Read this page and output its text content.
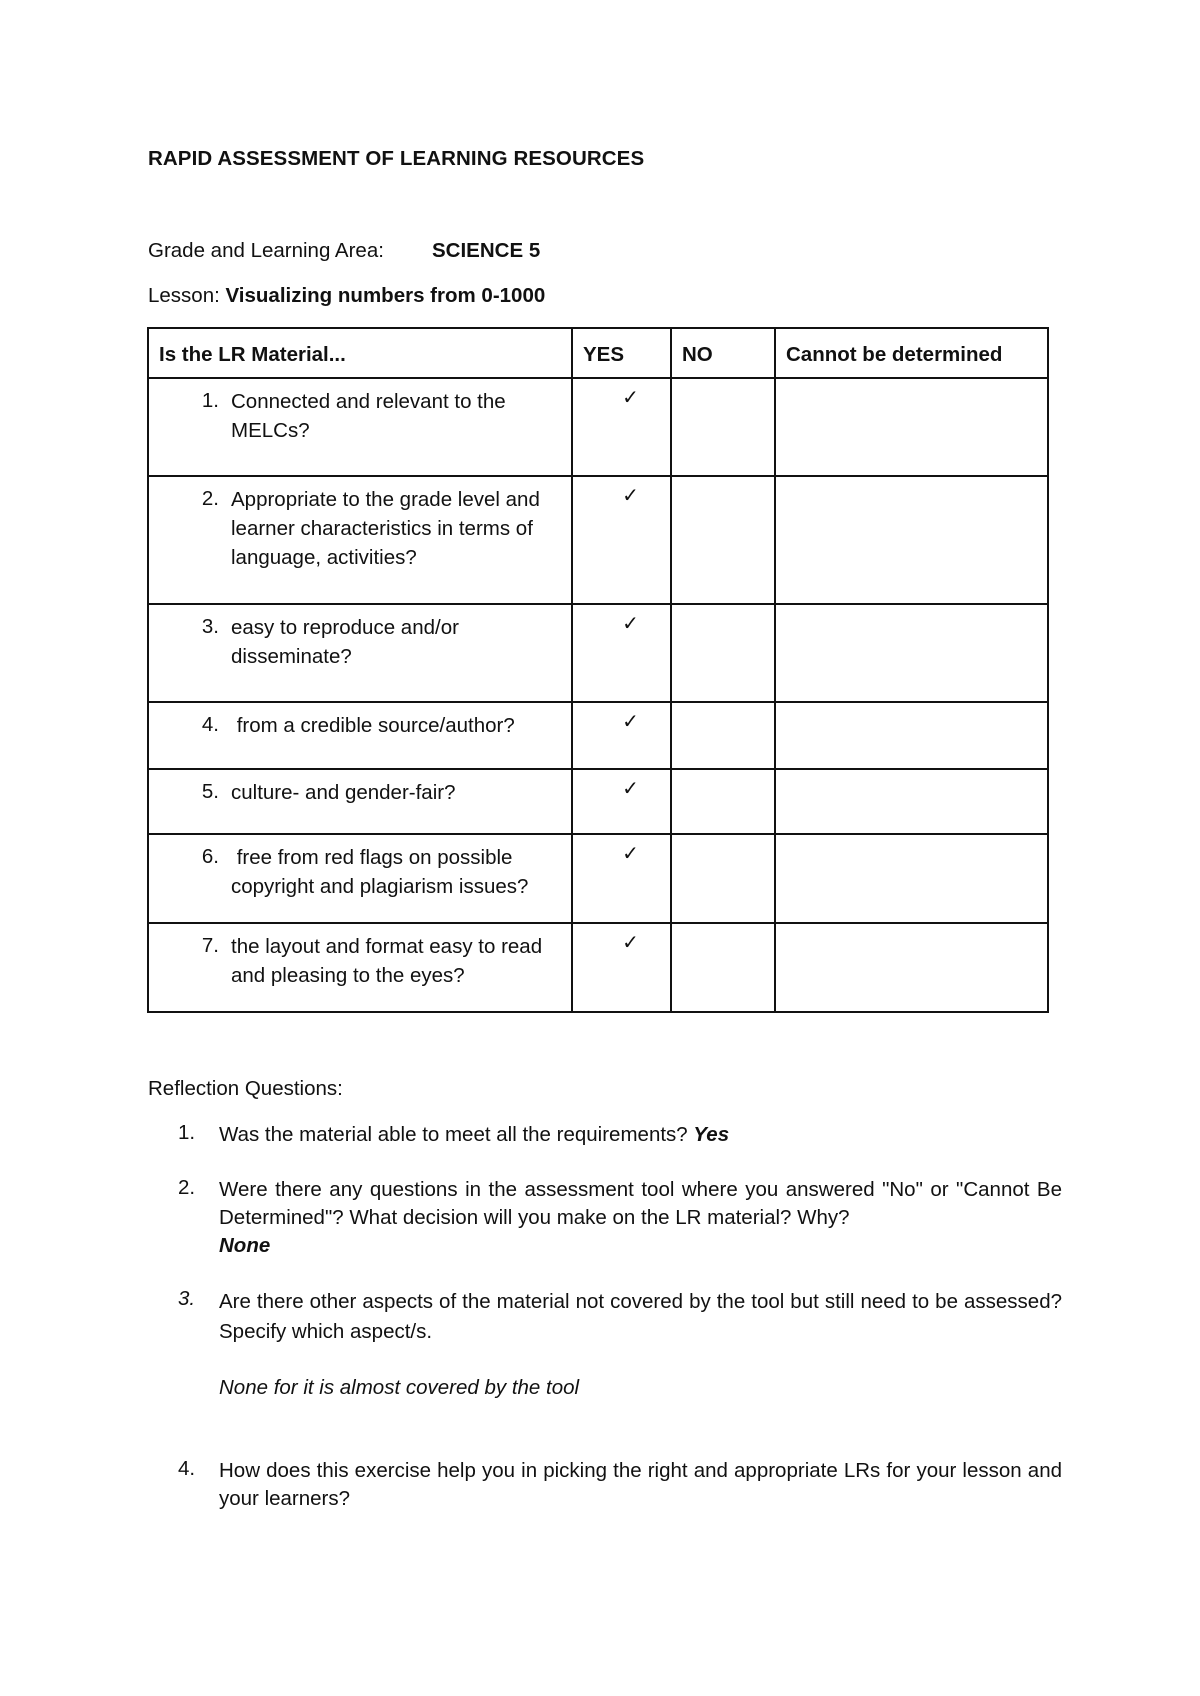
RAPID ASSESSMENT OF LEARNING RESOURCES
Grade and Learning Area: SCIENCE 5
Lesson: Visualizing numbers from 0-1000
Is the LR Material...	YES	NO	Cannot be determined

1. Connected and relevant to the MELCs?	✓		

2. Appropriate to the grade level and learner characteristics in terms of language, activities?	✓		

3. easy to reproduce and/or disseminate?	✓		

4. from a credible source/author?	✓		

5. culture- and gender-fair?	✓		

6. free from red flags on possible copyright and plagiarism issues?	✓		

7. the layout and format easy to read and pleasing to the eyes?	✓		
Reflection Questions:
1.	Was the material able to meet all the requirements? Yes
2.	Were there any questions in the assessment tool where you answered "No" or "Cannot Be Determined"? What decision will you make on the LR material? Why?
None
3.	Are there other aspects of the material not covered by the tool but still need to be assessed? Specify which aspect/s.
None for it is almost covered by the tool
4.	How does this exercise help you in picking the right and appropriate LRs for your lesson and your learners?
